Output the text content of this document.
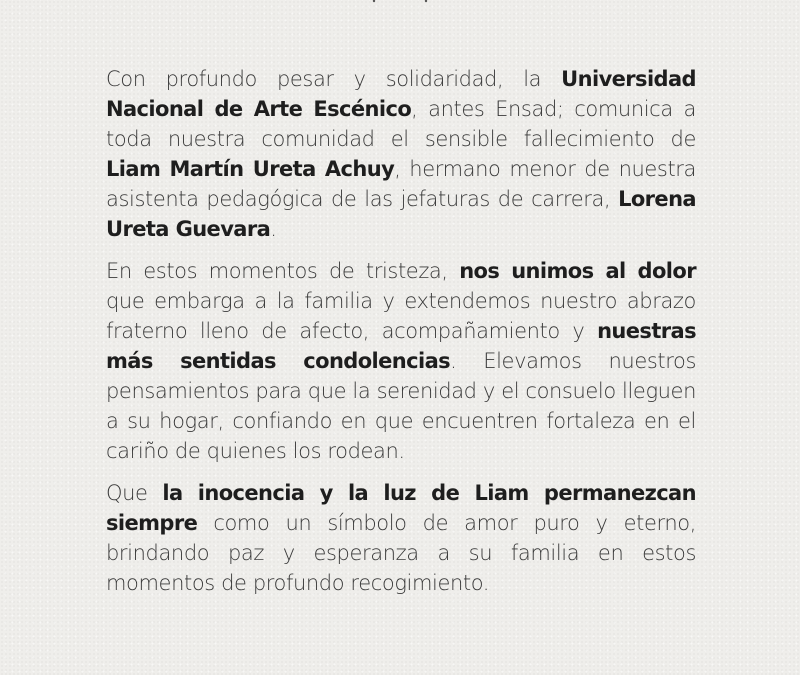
Con profundo pesar y solidaridad, la Universidad Nacional de Arte Escénico, antes Ensad; comunica a toda nuestra comunidad el sensible fallecimiento de Liam Martín Ureta Achuy, hermano menor de nuestra asistenta pedagógica de las jefaturas de carrera, Lorena Ureta Guevara.

En estos momentos de tristeza, nos unimos al dolor que embarga a la familia y extendemos nuestro abrazo fraterno lleno de afecto, acompañamiento y nuestras más sentidas condolencias. Elevamos nuestros pensamientos para que la serenidad y el consuelo lleguen a su hogar, confiando en que encuentren fortaleza en el cariño de quienes los rodean.

Que la inocencia y la luz de Liam permanezcan siempre como un símbolo de amor puro y eterno, brindando paz y esperanza a su familia en estos momentos de profundo recogimiento.
